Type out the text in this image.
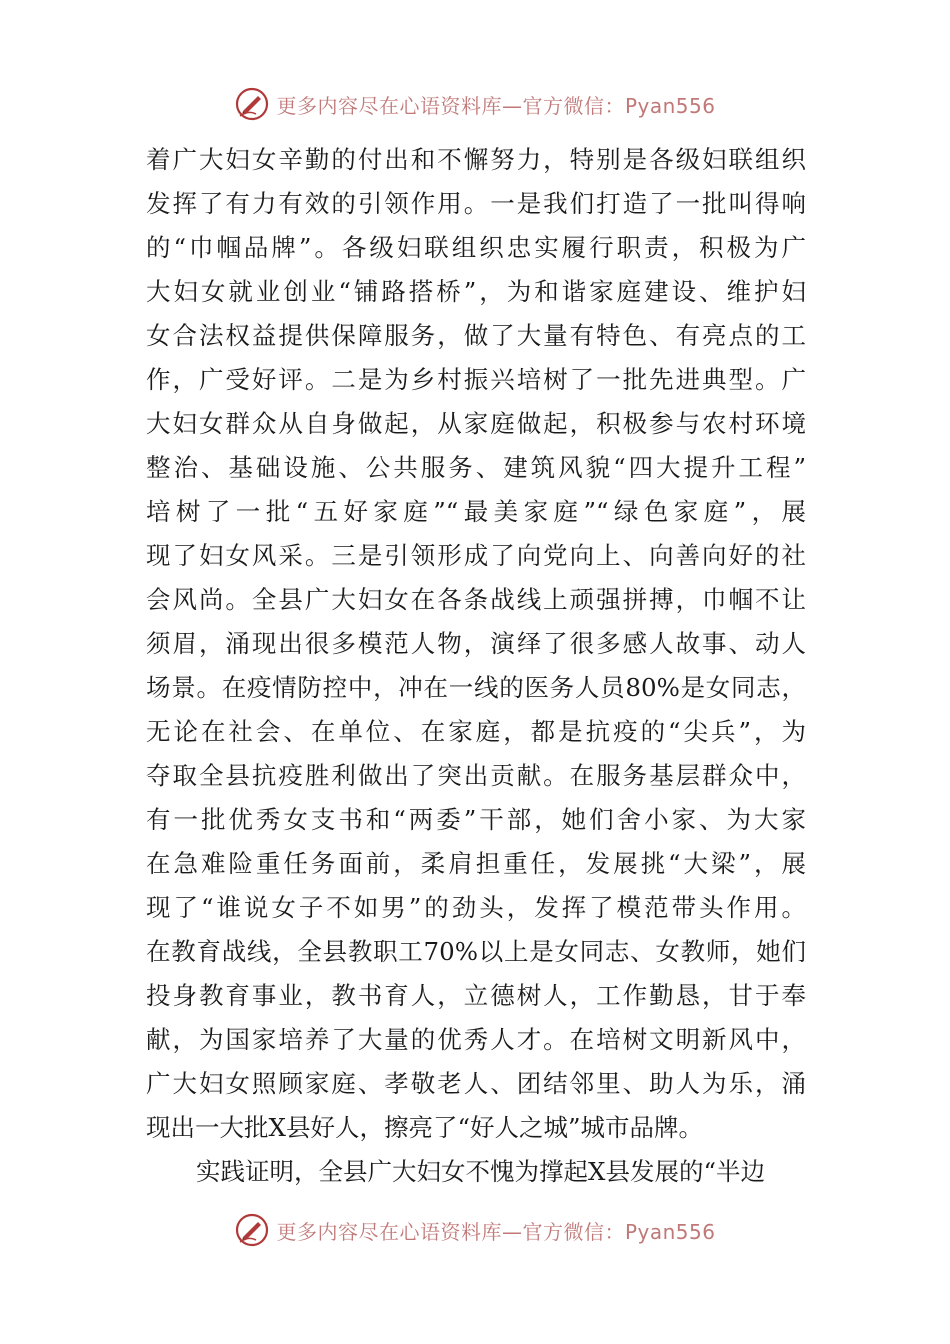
更多内容尽在心语资料库—官方微信：Pyan556
着广大妇女辛勤的付出和不懈努力，特别是各级妇联组织
发挥了有力有效的引领作用。一是我们打造了一批叫得响
的“巾帼品牌”。各级妇联组织忠实履行职责，积极为广
大妇女就业创业“铺路搭桥”，为和谐家庭建设、维护妇
女合法权益提供保障服务，做了大量有特色、有亮点的工
作，广受好评。二是为乡村振兴培树了一批先进典型。广
大妇女群众从自身做起，从家庭做起，积极参与农村环境
整治、基础设施、公共服务、建筑风貌“四大提升工程”
培树了一批“五好家庭”“最美家庭”“绿色家庭”，展
现了妇女风采。三是引领形成了向党向上、向善向好的社
会风尚。全县广大妇女在各条战线上顽强拼搏，巾帼不让
须眉，涌现出很多模范人物，演绎了很多感人故事、动人
场景。在疫情防控中，冲在一线的医务人员80%是女同志，
无论在社会、在单位、在家庭，都是抗疫的“尖兵”，为
夺取全县抗疫胜利做出了突出贡献。在服务基层群众中，
有一批优秀女支书和“两委”干部，她们舍小家、为大家
在急难险重任务面前，柔肩担重任，发展挑“大梁”，展
现了“谁说女子不如男”的劲头，发挥了模范带头作用。
在教育战线，全县教职工70%以上是女同志、女教师，她们
投身教育事业，教书育人，立德树人，工作勤恳，甘于奉
献，为国家培养了大量的优秀人才。在培树文明新风中，
广大妇女照顾家庭、孝敬老人、团结邻里、助人为乐，涌
现出一大批X县好人，擦亮了“好人之城”城市品牌。
实践证明，全县广大妇女不愧为撑起X县发展的“半边
更多内容尽在心语资料库—官方微信：Pyan556
